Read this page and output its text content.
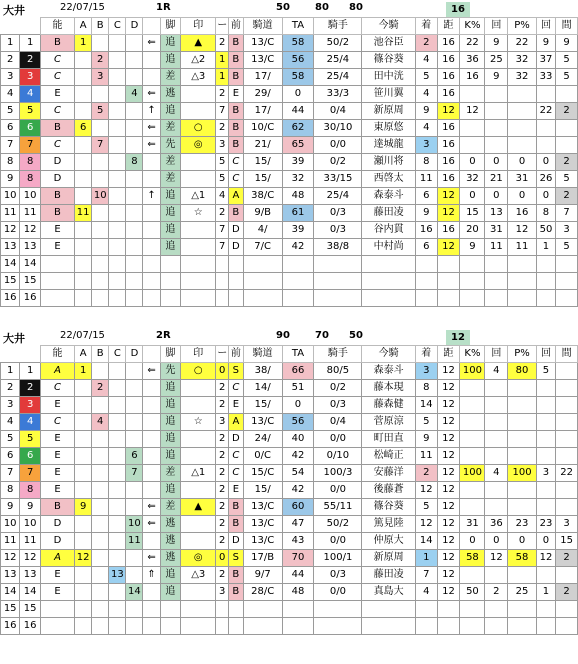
大井	22/07/15	1R	50	80 80	16
		能	A	B	C	D		脚	印	ー	前	騎道	TA	騎手	今騎	着	距	K%	回	P%	回	間
1	1	B	1				⇐	追	▲	2	B	13/C	58	50/2	池谷臣	2	16	22	9	22	9	9
2	2	C		2				追	△2	1	B	13/C	56	25/4	篠谷葵	4	16	36	25	32	37	5
3	3	C		3				差	△3	1	B	17/	58	25/4	田中洸	5	16	16	9	32	33	5
4	4	E				4	⇐	逃		2	E	29/	0	33/3	笹川翼	4	16					
5	5	C		5			↑	追		7	B	17/	44	0/4	新原周	9	12	12			22	2
6	6	B	6				⇐	差	○	2	B	10/C	62	30/10	東原悠	4	16					
7	7	C		7			⇐	先	◎	3	B	21/	65	0/0	達城龍	3	16					
8	8	D				8		差		5	C	15/	39	0/2	瀬川将	8	16	0	0	0	0	2
9	8	D						差		5	C	15/	32	33/15	西啓太	11	16	32	21	31	26	5
10	10	B		10			↑	追	△1	4	A	38/C	48	25/4	森泰斗	6	12	0	0	0	0	2
11	11	B	11					追	☆	2	B	9/B	61	0/3	藤田凌	9	12	15	13	16	8	7
12	12	E						追		7	D	4/	39	0/3	谷内貫	16	16	20	31	12	50	3
13	13	E						追		7	D	7/C	42	38/8	中村尚	6	12	9	11	11	1	5
14	14																					
15	15																					
16	16																					
大井	22/07/15	2R	90	70 50	12
		能	A	B	C	D		脚	印	ー	前	騎道	TA	騎手	今騎	着	距	K%	回	P%	回	間
1	1	A	1				⇐	先	○	0	S	38/	66	80/5	森泰斗	3	12	100	4	80	5	
2	2	C		2				追		2	C	14/	51	0/2	藤本現	8	12					
3	3	E						追		2	E	15/	0	0/3	藤森健	14	12					
4	4	C		4				追	☆	3	A	13/C	56	0/4	菅原涼	5	12					
5	5	E						追		2	D	24/	40	0/0	町田直	9	12					
6	6	E				6		追		2	C	0/C	42	0/10	松崎正	11	12					
7	7	E				7		差	△1	2	C	15/C	54	100/3	安藤洋	2	12	100	4	100	3	22
8	8	E						追		2	E	15/	42	0/0	後藤蒼	12	12					
9	9	B	9				⇐	差	▲	2	B	13/C	60	55/11	篠谷葵	5	12					
10	10	D				10	⇐	逃		2	B	13/C	47	50/2	篤見陸	12	12	31	36	23	23	3
11	11	D				11		逃		2	D	13/C	43	0/0	仲原大	14	12	0	0	0	0	15
12	12	A	12				⇐	逃	◎	0	S	17/B	70	100/1	新原周	1	12	58	12	58	12	2
13	13	E			13		⇑	追	△3	2	B	9/7	44	0/3	藤田凌	7	12					
14	14	E				14		追		3	B	28/C	48	0/0	真島大	4	12	50	2	25	1	2
15	15																					
16	16																					
